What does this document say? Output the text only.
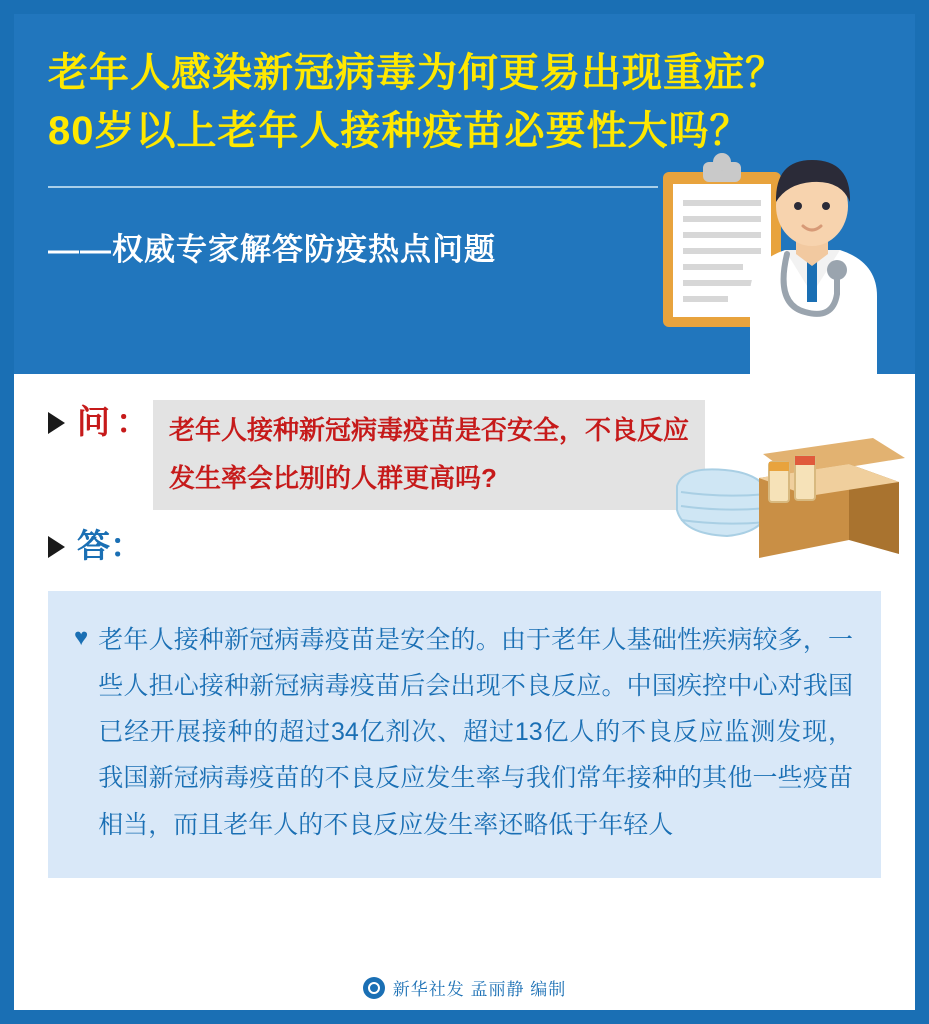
老年人感染新冠病毒为何更易出现重症？
80岁以上老年人接种疫苗必要性大吗？
——权威专家解答防疫热点问题
问 ： 老年人接种新冠病毒疫苗是否安全，不良反应
发生率会比别的人群更高吗?
答：
♥ 老年人接种新冠病毒疫苗是安全的。由于老年人基础性疾病较多，一些人担心接种新冠病毒疫苗后会出现不良反应。中国疾控中心对我国已经开展接种的超过34亿剂次、超过13亿人的不良反应监测发现，我国新冠病毒疫苗的不良反应发生率与我们常年接种的其他一些疫苗相当，而且老年人的不良反应发生率还略低于年轻人
新华社发 孟丽静 编制
